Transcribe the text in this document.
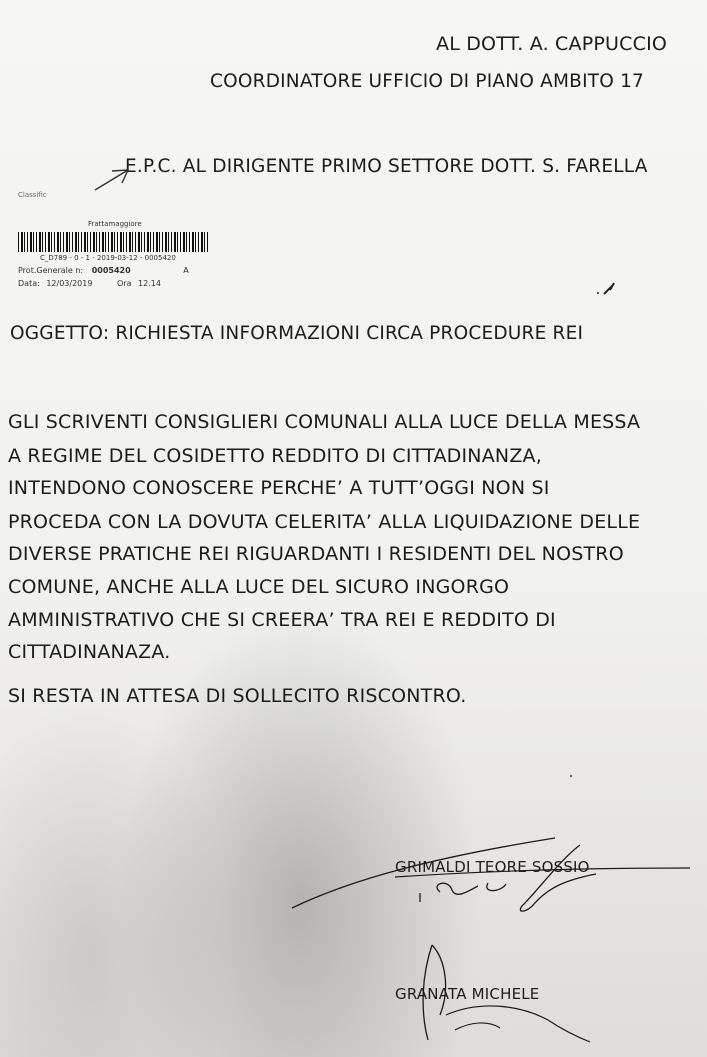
AL DOTT. A. CAPPUCCIO
COORDINATORE UFFICIO DI PIANO AMBITO 17
E.P.C. AL DIRIGENTE PRIMO SETTORE DOTT. S. FARELLA
Classific
Frattamaggiore
C_D789 - 0 - 1 - 2019-03-12 - 0005420
Prot.Generale n: 0005420	A
Data: 12/03/2019	Ora 12.14
OGGETTO: RICHIESTA INFORMAZIONI CIRCA PROCEDURE REI
GLI SCRIVENTI CONSIGLIERI COMUNALI ALLA LUCE DELLA MESSA
A REGIME DEL COSIDETTO REDDITO DI CITTADINANZA,
INTENDONO CONOSCERE PERCHE’ A TUTT’OGGI NON SI
PROCEDA CON LA DOVUTA CELERITA’ ALLA LIQUIDAZIONE DELLE
DIVERSE PRATICHE REI RIGUARDANTI I RESIDENTI DEL NOSTRO
COMUNE, ANCHE ALLA LUCE DEL SICURO INGORGO
AMMINISTRATIVO CHE SI CREERA’ TRA REI E REDDITO DI
CITTADINANAZA.
SI RESTA IN ATTESA DI SOLLECITO RISCONTRO.
GRIMALDI TEORE SOSSIO
GRANATA MICHELE
